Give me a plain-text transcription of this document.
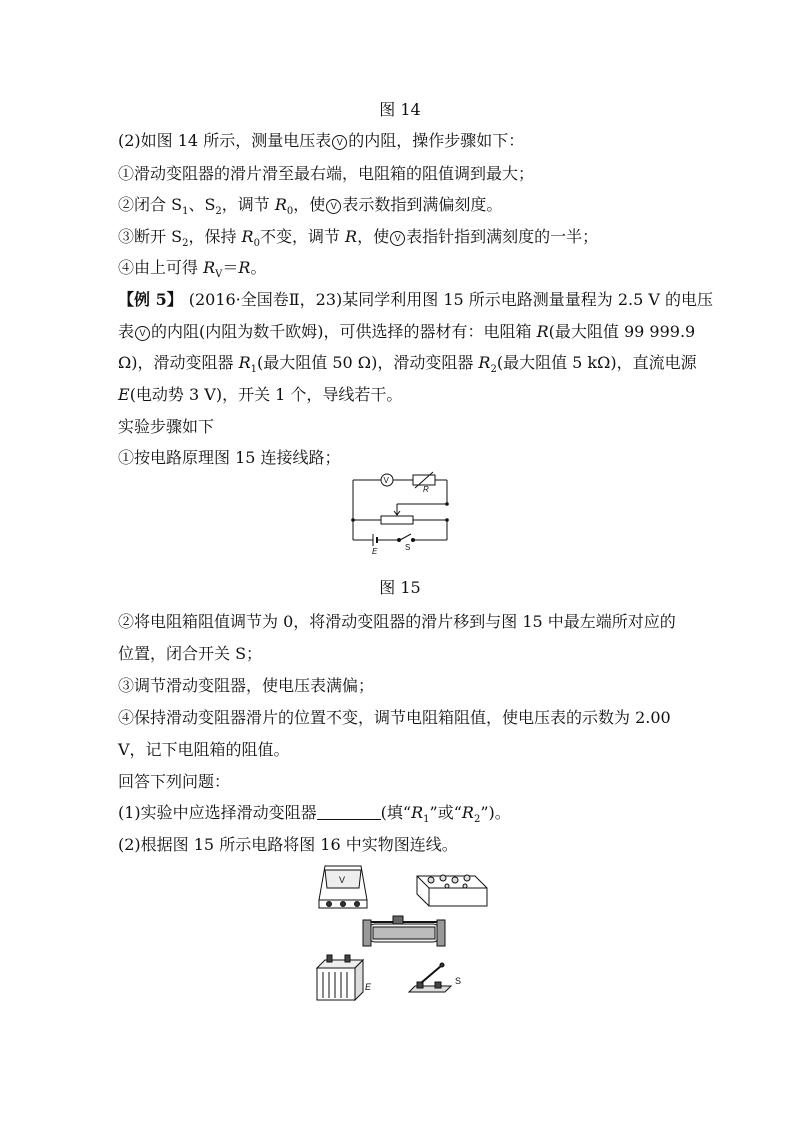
图 14
(2)如图 14 所示，测量电压表 V 的内阻，操作步骤如下：
①滑动变阻器的滑片滑至最右端，电阻箱的阻值调到最大；
②闭合 $S_1$、$S_2$，调节 $R_0$，使 V 表示数指到满偏刻度。
③断开 $S_2$，保持 $R_0$不变，调节 R，使 V 表指针指到满刻度的一半；
④由上可得 $R_V=R$。
【例 5】 (2016·全国卷Ⅱ，23)某同学利用图 15 所示电路测量量程为 2.5 V 的电压
表 V 的内阻(内阻为数千欧姆)，可供选择的器材有：电阻箱 R(最大阻值 99 999.9
Ω)，滑动变阻器 $R_1$(最大阻值 50 Ω)，滑动变阻器 $R_2$(最大阻值 5 kΩ)，直流电源
E(电动势 3 V)，开关 1 个，导线若干。
实验步骤如下
①按电路原理图 15 连接线路；
V
R
E	S
图 15
②将电阻箱阻值调节为 0，将滑动变阻器的滑片移到与图 15 中最左端所对应的
位置，闭合开关 S；
③调节滑动变阻器，使电压表满偏；
④保持滑动变阻器滑片的位置不变，调节电阻箱阻值，使电压表的示数为 2.00
V，记下电阻箱的阻值。
回答下列问题：
(1)实验中应选择滑动变阻器	(填“$R_1$”或“$R_2$”)。
(2)根据图 15 所示电路将图 16 中实物图连线。
V
E
S
